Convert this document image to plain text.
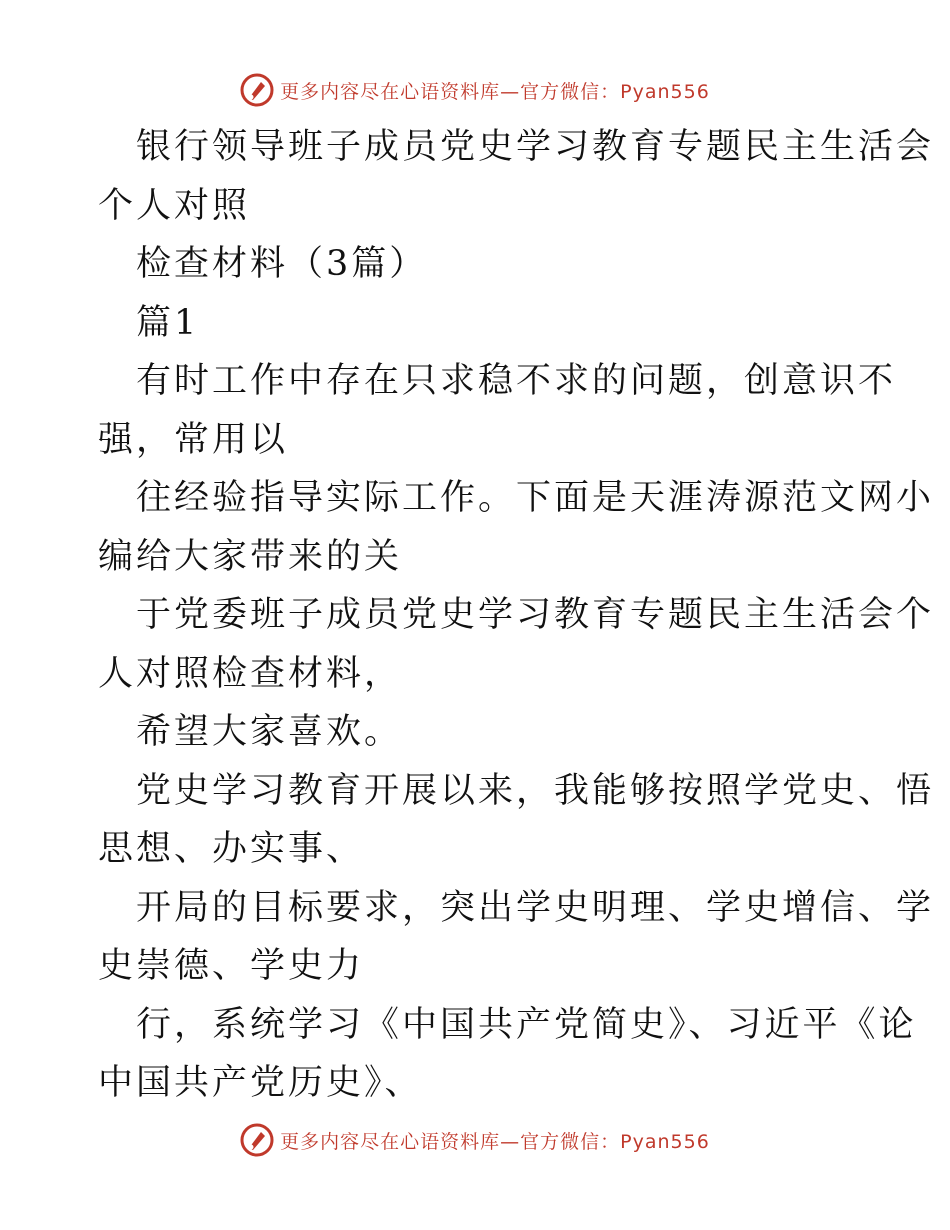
更多内容尽在心语资料库—官方微信：Pyan556
银行领导班子成员党史学习教育专题民主生活会
个人对照
检查材料（3篇）
篇1
有时工作中存在只求稳不求的问题，创意识不
强，常用以
往经验指导实际工作。下面是天涯涛源范文网小
编给大家带来的关
于党委班子成员党史学习教育专题民主生活会个
人对照检查材料，
希望大家喜欢。
党史学习教育开展以来，我能够按照学党史、悟
思想、办实事、
开局的目标要求，突出学史明理、学史增信、学
史崇德、学史力
行，系统学习《中国共产党简史》、习近平《论
中国共产党历史》、
更多内容尽在心语资料库—官方微信：Pyan556
